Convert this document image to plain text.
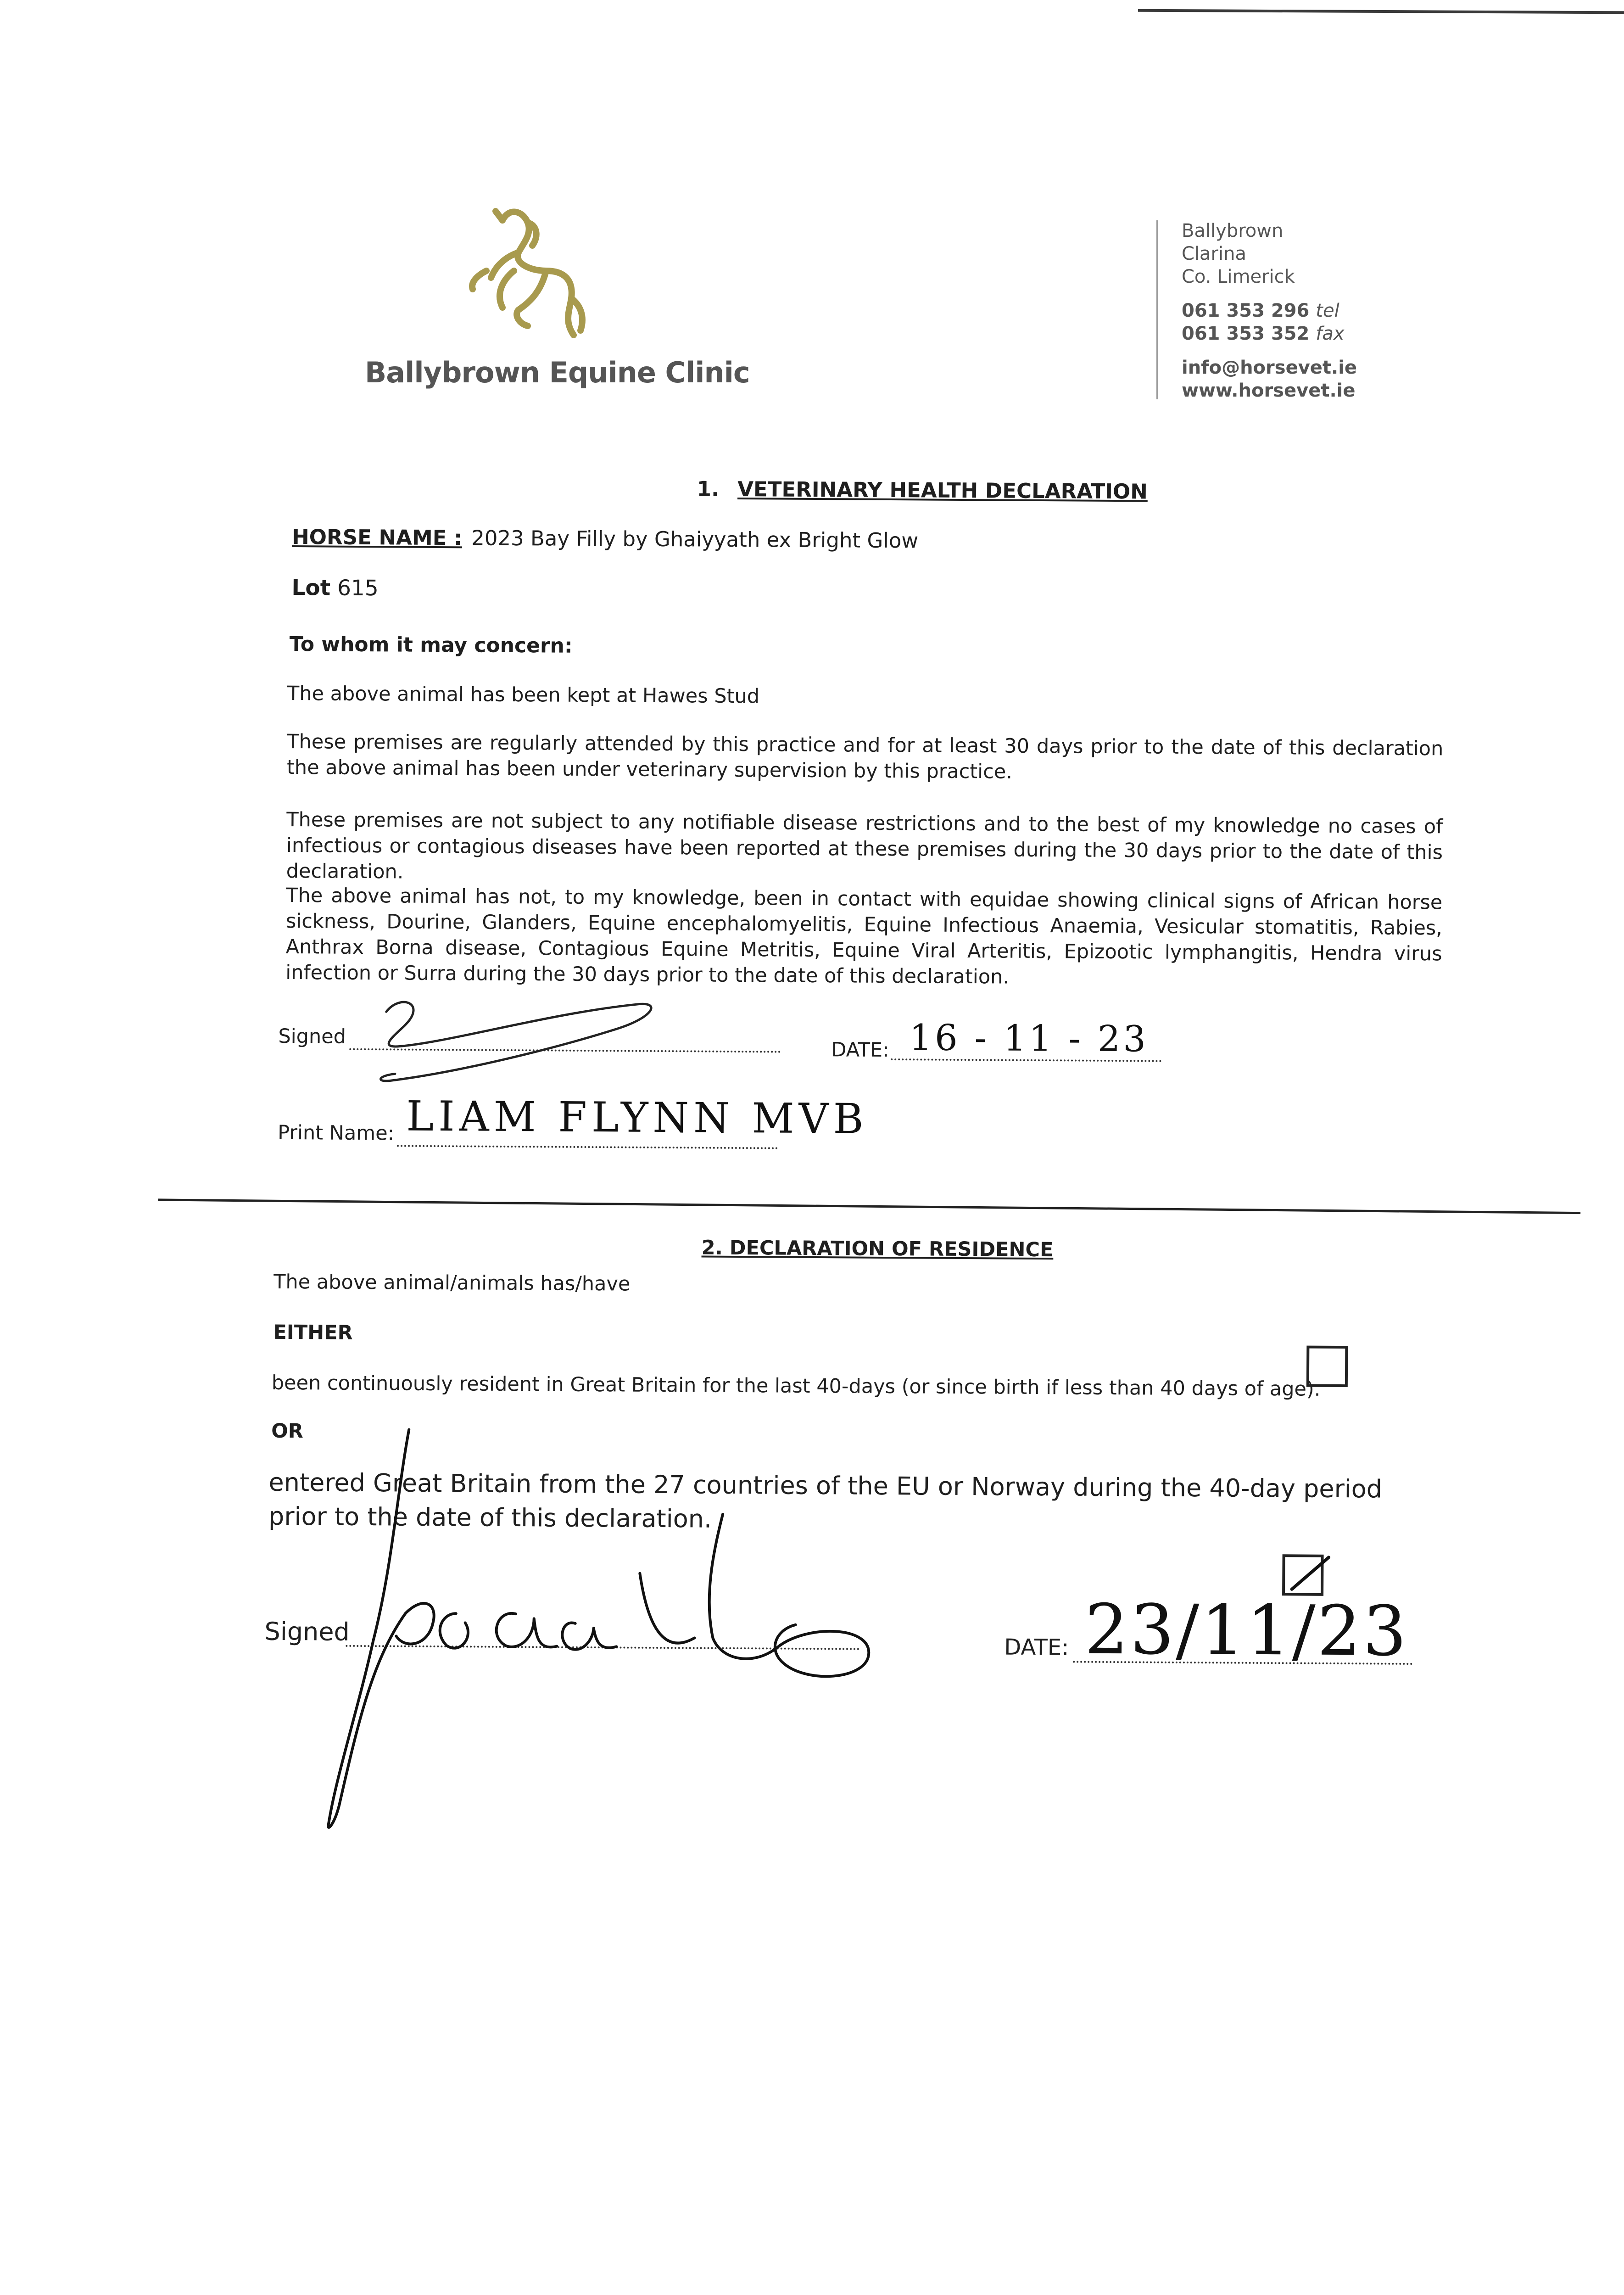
Ballybrown Equine Clinic
Ballybrown
Clarina
Co. Limerick
061 353 296 tel
061 353 352 fax
info@horsevet.ie
www.horsevet.ie
1. VETERINARY HEALTH DECLARATION
HORSE NAME : 2023 Bay Filly by Ghaiyyath ex Bright Glow
Lot 615
To whom it may concern:
The above animal has been kept at Hawes Stud
These premises are regularly attended by this practice and for at least 30 days prior to the date of this declaration the above animal has been under veterinary supervision by this practice.
These premises are not subject to any notifiable disease restrictions and to the best of my knowledge no cases of infectious or contagious diseases have been reported at these premises during the 30 days prior to the date of this declaration.
The above animal has not, to my knowledge, been in contact with equidae showing clinical signs of African horse sickness, Dourine, Glanders, Equine encephalomyelitis, Equine Infectious Anaemia, Vesicular stomatitis, Rabies, Anthrax Borna disease, Contagious Equine Metritis, Equine Viral Arteritis, Epizootic lymphangitis, Hendra virus infection or Surra during the 30 days prior to the date of this declaration.
Signed
DATE: 16 - 11 - 23
Print Name: LIAM FLYNN MVB
2. DECLARATION OF RESIDENCE
The above animal/animals has/have
EITHER
been continuously resident in Great Britain for the last 40-days (or since birth if less than 40 days of age).
OR
entered Great Britain from the 27 countries of the EU or Norway during the 40-day period prior to the date of this declaration.
Signed
DATE: 23/11/23
